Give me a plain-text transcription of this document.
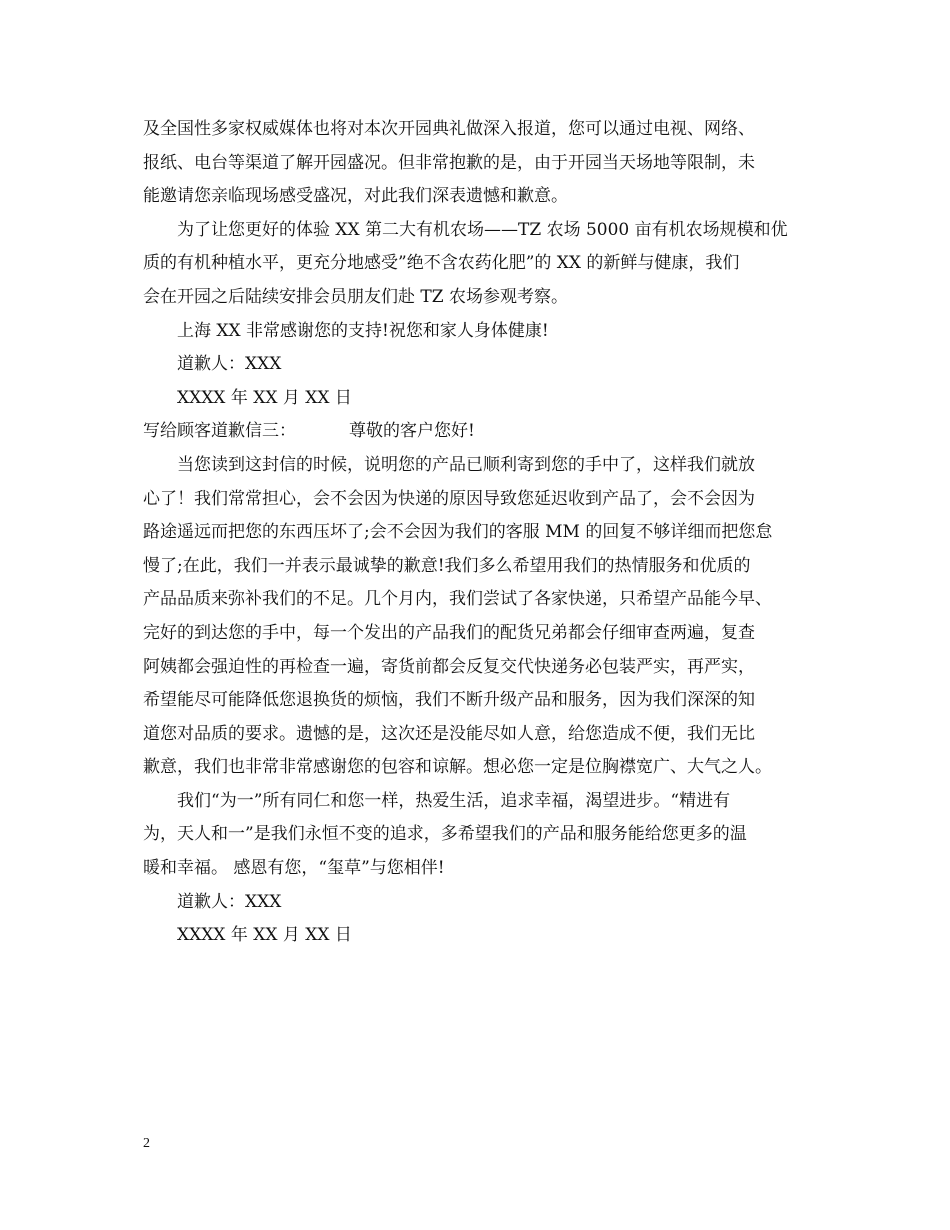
及全国性多家权威媒体也将对本次开园典礼做深入报道，您可以通过电视、网络、
报纸、电台等渠道了解开园盛况。但非常抱歉的是，由于开园当天场地等限制，未
能邀请您亲临现场感受盛况，对此我们深表遗憾和歉意。
为了让您更好的体验 XX 第二大有机农场——TZ 农场 5000 亩有机农场规模和优
质的有机种植水平，更充分地感受”绝不含农药化肥”的 XX 的新鲜与健康，我们
会在开园之后陆续安排会员朋友们赴 TZ 农场参观考察。
上海 XX 非常感谢您的支持!祝您和家人身体健康!
道歉人：XXX
XXXX 年 XX 月 XX 日
写给顾客道歉信三：	尊敬的客户您好!
当您读到这封信的时候，说明您的产品已顺利寄到您的手中了，这样我们就放
心了！我们常常担心，会不会因为快递的原因导致您延迟收到产品了，会不会因为
路途遥远而把您的东西压坏了;会不会因为我们的客服 MM 的回复不够详细而把您怠
慢了;在此，我们一并表示最诚挚的歉意!我们多么希望用我们的热情服务和优质的
产品品质来弥补我们的不足。几个月内，我们尝试了各家快递，只希望产品能今早、
完好的到达您的手中，每一个发出的产品我们的配货兄弟都会仔细审查两遍，复查
阿姨都会强迫性的再检查一遍，寄货前都会反复交代快递务必包装严实，再严实，
希望能尽可能降低您退换货的烦恼，我们不断升级产品和服务，因为我们深深的知
道您对品质的要求。遗憾的是，这次还是没能尽如人意，给您造成不便，我们无比
歉意，我们也非常非常感谢您的包容和谅解。想必您一定是位胸襟宽广、大气之人。
我们“为一”所有同仁和您一样，热爱生活，追求幸福，渴望进步。“精进有
为，天人和一”是我们永恒不变的追求，多希望我们的产品和服务能给您更多的温
暖和幸福。 感恩有您，“玺草”与您相伴!
道歉人：XXX
XXXX 年 XX 月 XX 日
2
